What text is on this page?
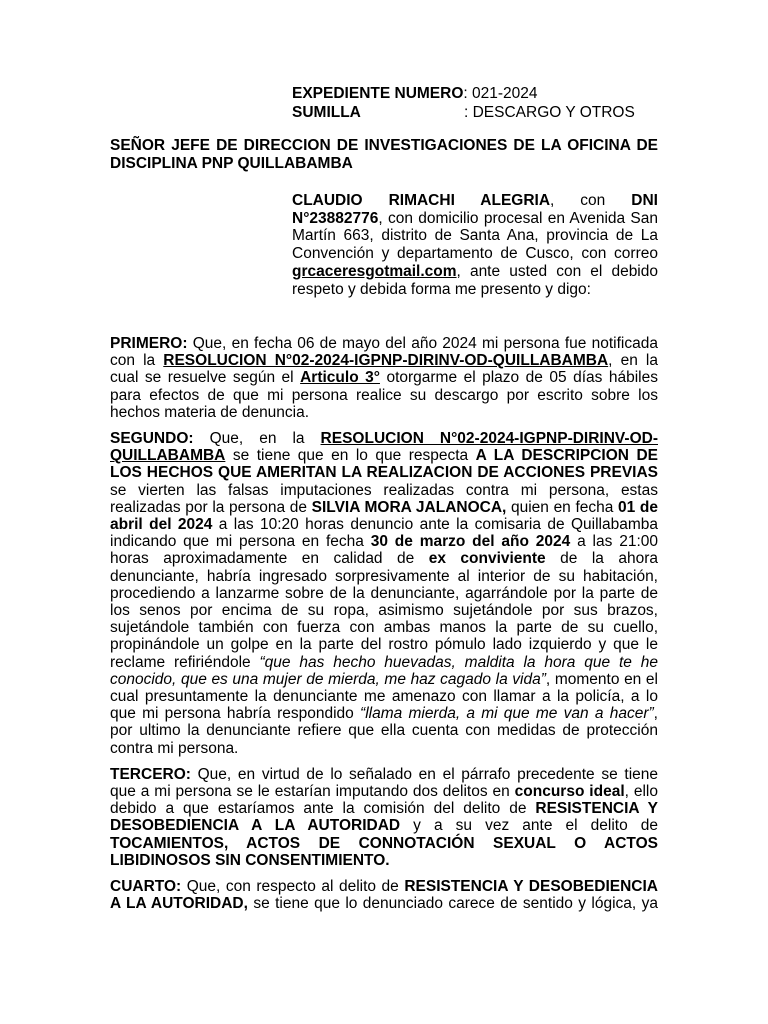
EXPEDIENTE NUMERO: 021-2024
SUMILLA	: DESCARGO Y OTROS
SEÑOR JEFE DE DIRECCION DE INVESTIGACIONES DE LA OFICINA DE DISCIPLINA PNP QUILLABAMBA
CLAUDIO RIMACHI ALEGRIA, con DNI N°23882776, con domicilio procesal en Avenida San Martín 663, distrito de Santa Ana, provincia de La Convención y departamento de Cusco, con correo grcaceresgotmail.com, ante usted con el debido respeto y debida forma me presento y digo:

PRIMERO: Que, en fecha 06 de mayo del año 2024 mi persona fue notificada con la RESOLUCION N°02-2024-IGPNP-DIRINV-OD-QUILLABAMBA, en la cual se resuelve según el Articulo 3° otorgarme el plazo de 05 días hábiles para efectos de que mi persona realice su descargo por escrito sobre los hechos materia de denuncia.

SEGUNDO: Que, en la RESOLUCION N°02-2024-IGPNP-DIRINV-OD-QUILLABAMBA se tiene que en lo que respecta A LA DESCRIPCION DE LOS HECHOS QUE AMERITAN LA REALIZACION DE ACCIONES PREVIAS se vierten las falsas imputaciones realizadas contra mi persona, estas realizadas por la persona de SILVIA MORA JALANOCA, quien en fecha 01 de abril del 2024 a las 10:20 horas denuncio ante la comisaria de Quillabamba indicando que mi persona en fecha 30 de marzo del año 2024 a las 21:00 horas aproximadamente en calidad de ex conviviente de la ahora denunciante, habría ingresado sorpresivamente al interior de su habitación, procediendo a lanzarme sobre de la denunciante, agarrándole por la parte de los senos por encima de su ropa, asimismo sujetándole por sus brazos, sujetándole también con fuerza con ambas manos la parte de su cuello, propinándole un golpe en la parte del rostro pómulo lado izquierdo y que le reclame refiriéndole “que has hecho huevadas, maldita la hora que te he conocido, que es una mujer de mierda, me haz cagado la vida”, momento en el cual presuntamente la denunciante me amenazo con llamar a la policía, a lo que mi persona habría respondido “llama mierda, a mi que me van a hacer”, por ultimo la denunciante refiere que ella cuenta con medidas de protección contra mi persona.

TERCERO: Que, en virtud de lo señalado en el párrafo precedente se tiene que a mi persona se le estarían imputando dos delitos en concurso ideal, ello debido a que estaríamos ante la comisión del delito de RESISTENCIA Y DESOBEDIENCIA A LA AUTORIDAD y a su vez ante el delito de TOCAMIENTOS, ACTOS DE CONNOTACIÓN SEXUAL O ACTOS LIBIDINOSOS SIN CONSENTIMIENTO.

CUARTO: Que, con respecto al delito de RESISTENCIA Y DESOBEDIENCIA A LA AUTORIDAD, se tiene que lo denunciado carece de sentido y lógica, ya
